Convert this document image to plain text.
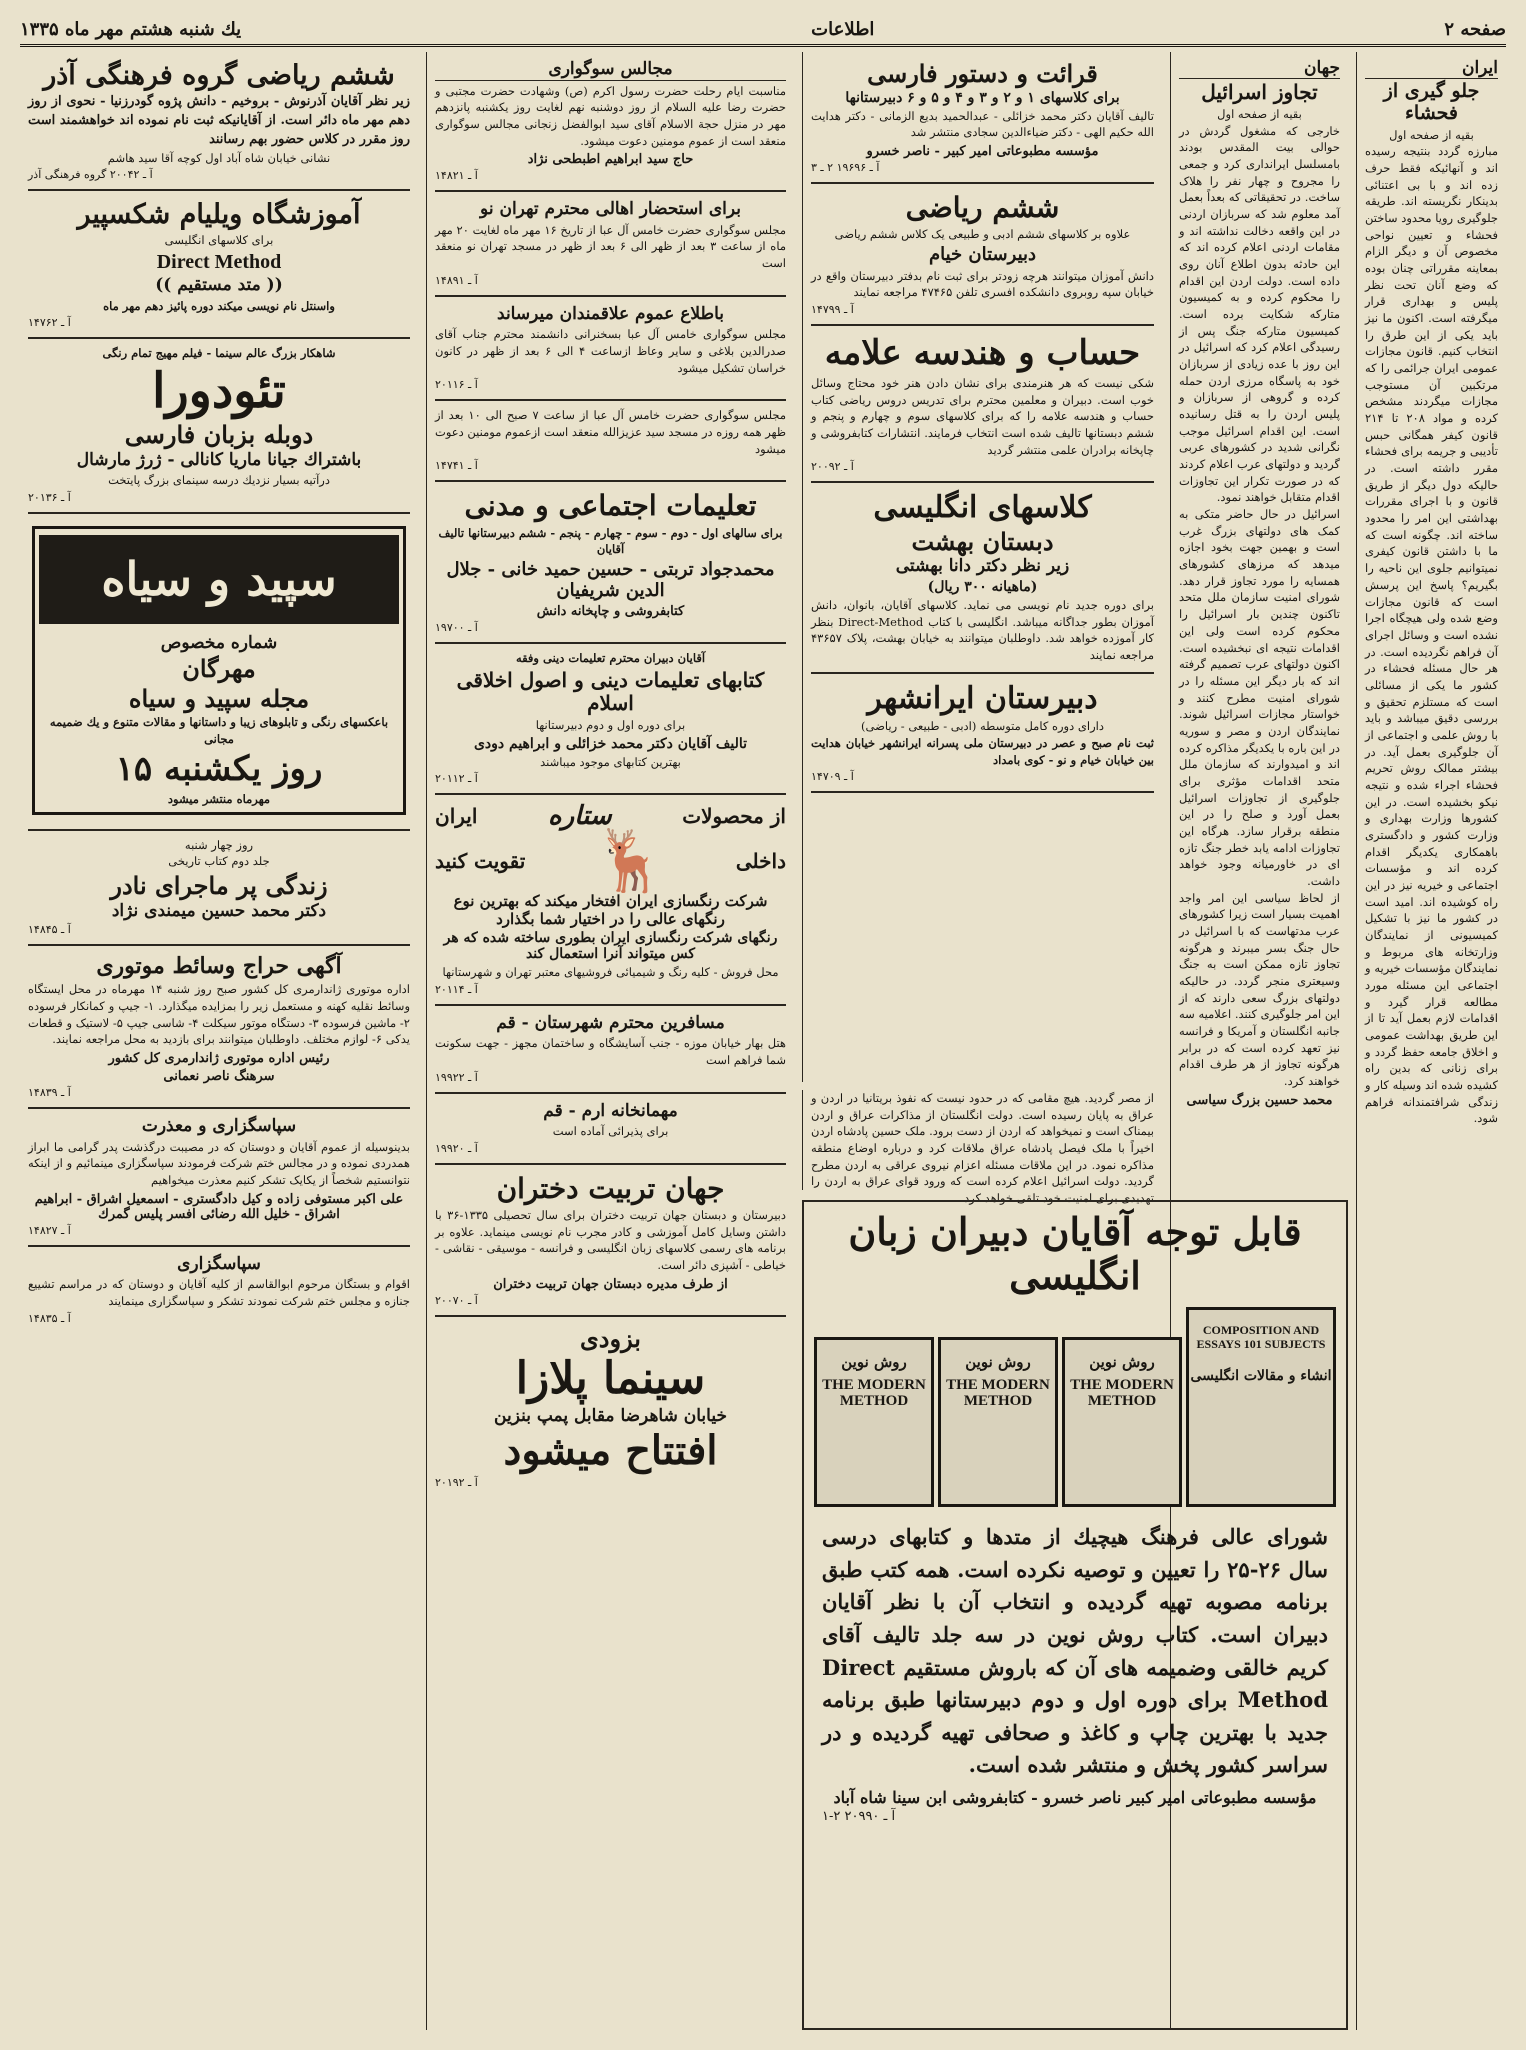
صفحه ۲
اطلاعات
یك شنبه هشتم مهر ماه ۱۳۳۵
ایران
جلو گیری از فحشاء
بقیه از صفحه اول

مبارزه گردد بنتیجه رسیده اند و آنهائیکه فقط حرف زده اند و با بی اعتنائی بدینکار نگریسته اند. طریقه جلوگیری رویا محدود ساختن فحشاء و تعیین نواحی مخصوص آن و دیگر الزام بمعاینه مقرراتی چنان بوده که وضع آنان تحت نظر پلیس و بهداری قرار میگرفته است. اکنون ما نیز باید یکی از این طرق را انتخاب کنیم. قانون مجازات عمومی ایران جرائمی را که مرتکبین آن مستوجب مجازات میگردند مشخص کرده و مواد ۲۰۸ تا ۲۱۴ قانون کیفر همگانی حبس تأدیبی و جریمه برای فحشاء مقرر داشته است. در حالیکه دول دیگر از طریق قانون و با اجرای مقررات بهداشتی این امر را محدود ساخته اند. چگونه است که ما با داشتن قانون کیفری نمیتوانیم جلوی این ناحیه را بگیریم؟ پاسخ این پرسش است که قانون مجازات وضع شده ولی هیچگاه اجرا نشده است و وسائل اجرای آن فراهم نگردیده است. در هر حال مسئله فحشاء در کشور ما یکی از مسائلی است که مستلزم تحقیق و بررسی دقیق میباشد و باید با روش علمی و اجتماعی از آن جلوگیری بعمل آید. در بیشتر ممالک روش تحریم فحشاء اجراء شده و نتیجه نیکو بخشیده است. در این کشورها وزارت بهداری و وزارت کشور و دادگستری باهمکاری یکدیگر اقدام کرده اند و مؤسسات اجتماعی و خیریه نیز در این راه کوشیده اند. امید است در کشور ما نیز با تشکیل کمیسیونی از نمایندگان وزارتخانه های مربوط و نمایندگان مؤسسات خیریه و اجتماعی این مسئله مورد مطالعه قرار گیرد و اقدامات لازم بعمل آید تا از این طریق بهداشت عمومی و اخلاق جامعه حفظ گردد و برای زنانی که بدین راه کشیده شده اند وسیله کار و زندگی شرافتمندانه فراهم شود.

جهان
تجاوز اسرائیل
بقیه از صفحه اول

خارجی که مشغول گردش در حوالی بیت المقدس بودند بامسلسل ایرانداری کرد و جمعی را مجروح و چهار نفر را هلاک ساخت. در تحقیقاتی که بعداً بعمل آمد معلوم شد که سربازان اردنی در این واقعه دخالت نداشته اند و مقامات اردنی اعلام کرده اند که این حادثه بدون اطلاع آنان روی داده است. دولت اردن این اقدام را محکوم کرده و به کمیسیون متارکه شکایت برده است. کمیسیون متارکه جنگ پس از رسیدگی اعلام کرد که اسرائیل در این روز با عده زیادی از سربازان خود به پاسگاه مرزی اردن حمله کرده و گروهی از سربازان و پلیس اردن را به قتل رسانیده است. این اقدام اسرائیل موجب نگرانی شدید در کشورهای عربی گردید و دولتهای عرب اعلام کردند که در صورت تکرار این تجاوزات اقدام متقابل خواهند نمود.

اسرائیل در حال حاضر متکی به کمک های دولتهای بزرگ غرب است و بهمین جهت بخود اجازه میدهد که مرزهای کشورهای همسایه را مورد تجاوز قرار دهد. شورای امنیت سازمان ملل متحد تاکنون چندین بار اسرائیل را محکوم کرده است ولی این اقدامات نتیجه ای نبخشیده است. اکنون دولتهای عرب تصمیم گرفته اند که بار دیگر این مسئله را در شورای امنیت مطرح کنند و خواستار مجازات اسرائیل شوند. نمایندگان اردن و مصر و سوریه در این باره با یکدیگر مذاکره کرده اند و امیدوارند که سازمان ملل متحد اقدامات مؤثری برای جلوگیری از تجاوزات اسرائیل بعمل آورد و صلح را در این منطقه برقرار سازد. هرگاه این تجاوزات ادامه یابد خطر جنگ تازه ای در خاورمیانه وجود خواهد داشت.

از لحاظ سیاسی این امر واجد اهمیت بسیار است زیرا کشورهای عرب مدتهاست که با اسرائیل در حال جنگ بسر میبرند و هرگونه تجاوز تازه ممکن است به جنگ وسیعتری منجر گردد. در حالیکه دولتهای بزرگ سعی دارند که از این امر جلوگیری کنند. اعلامیه سه جانبه انگلستان و آمریکا و فرانسه نیز تعهد کرده است که در برابر هرگونه تجاوز از هر طرف اقدام خواهند کرد.

محمد حسین بزرگ سیاسی
قرائت و دستور فارسی
برای کلاسهای ۱ و ۲ و ۳ و ۴ و ۵ و ۶ دبیرستانها

تالیف آقایان دکتر محمد خزائلی - عبدالحمید بدیع الزمانی - دکتر هدایت الله حکیم الهی - دکتر ضیاءالدین سجادی منتشر شد

مؤسسه مطبوعاتی امیر کبیر - ناصر خسرو
آ ـ ۱۹۶۹۶ ۲ ـ ۳
ششم ریاضی
علاوه بر کلاسهای ششم ادبی و طبیعی یک کلاس ششم ریاضی
دبیرستان خیام

دانش آموزان میتوانند هرچه زودتر برای ثبت نام بدفتر دبیرستان واقع در خیابان سپه روبروی دانشکده افسری تلفن ۴۷۴۶۵ مراجعه نمایند

آ ـ ۱۴۷۹۹
حساب و هندسه علامه

شکی نیست که هر هنرمندی برای نشان دادن هنر خود محتاج وسائل خوب است. دبیران و معلمین محترم برای تدریس دروس ریاضی کتاب حساب و هندسه علامه را که برای کلاسهای سوم و چهارم و پنجم و ششم دبستانها تالیف شده است انتخاب فرمایند. انتشارات کتابفروشی و چاپخانه برادران علمی منتشر گردید

آ ـ ۲۰۰۹۲
کلاسهای انگلیسی
دبستان بهشت
زیر نظر دکتر دانا بهشتی
(ماهیانه ۳۰۰ ریال)

برای دوره جدید نام نویسی می نماید. کلاسهای آقایان، بانوان، دانش آموزان بطور جداگانه میباشد. انگلیسی با کتاب Direct-Method بنظر کار آموزده خواهد شد. داوطلبان میتوانند به خیابان بهشت، پلاک ۴۳۶۵۷ مراجعه نمایند

دبیرستان ایرانشهر
دارای دوره کامل متوسطه (ادبی - طبیعی - ریاضی)

ثبت نام صبح و عصر در دبیرستان ملی پسرانه ایرانشهر خیابان هدایت بین خیابان خیام و نو - کوی بامداد

آ ـ ۱۴۷۰۹

از مصر گردید. هیچ مقامی که در حدود نیست که نفوذ بریتانیا در اردن و عراق به پایان رسیده است. دولت انگلستان از مذاکرات عراق و اردن بیمناک است و نمیخواهد که اردن از دست برود. ملک حسین پادشاه اردن اخیراً با ملک فیصل پادشاه عراق ملاقات کرد و درباره اوضاع منطقه مذاکره نمود. در این ملاقات مسئله اعزام نیروی عراقی به اردن مطرح گردید. دولت اسرائیل اعلام کرده است که ورود قوای عراق به اردن را تهدیدی برای امنیت خود تلقی خواهد کرد.

قابل توجه آقایان دبیران زبان انگلیسی
COMPOSITION AND ESSAYS 101 SUBJECTS
انشاء و مقالات انگلیسی
روش نوین
THE MODERN METHOD
روش نوین
THE MODERN METHOD
روش نوین
THE MODERN METHOD

شورای عالی فرهنگ هیچیك از متدها و کتابهای درسی سال ۲۶-۲۵ را تعیین و توصیه نکرده است. همه کتب طبق برنامه مصوبه تهیه گردیده و انتخاب آن با نظر آقایان دبیران است. کتاب روش نوین در سه جلد تالیف آقای کریم خالقی وضمیمه های آن که باروش مستقیم Direct Method برای دوره اول و دوم دبیرستانها طبق برنامه جدید با بهترین چاپ و کاغذ و صحافی تهیه گردیده و در سراسر کشور پخش و منتشر شده است.

مؤسسه مطبوعاتی امیر کبیر ناصر خسرو - کتابفروشی ابن سینا شاه آباد
۱-۲ آ ـ ۲۰۹۹۰
مجالس سوگواری

مناسبت ایام رحلت حضرت رسول اکرم (ص) وشهادت حضرت مجتبی و حضرت رضا علیه السلام از روز دوشنبه نهم لغایت روز یکشنبه پانزدهم مهر در منزل حجة الاسلام آقای سید ابوالفضل زنجانی مجالس سوگواری منعقد است از عموم مومنین دعوت میشود.

حاج سید ابراهیم اطبطحی نژاد
آ ـ ۱۴۸۲۱
برای استحضار اهالی محترم تهران نو

مجلس سوگواری حضرت خامس آل عبا از تاریخ ۱۶ مهر ماه لغایت ۲۰ مهر ماه از ساعت ۳ بعد از ظهر الی ۶ بعد از ظهر در مسجد تهران نو منعقد است

آ ـ ۱۴۸۹۱
باطلاع عموم علاقمندان میرساند

مجلس سوگواری خامس آل عبا بسخنرانی دانشمند محترم جناب آقای صدرالدین بلاغی و سایر وعاظ ازساعت ۴ الی ۶ بعد از ظهر در کانون خراسان تشکیل میشود

آ ـ ۲۰۱۱۶

مجلس سوگواری حضرت خامس آل عبا از ساعت ۷ صبح الی ۱۰ بعد از ظهر همه روزه در مسجد سید عزیزالله منعقد است ازعموم مومنین دعوت میشود

آ ـ ۱۴۷۴۱
تعلیمات اجتماعی و مدنی
برای سالهای اول - دوم - سوم - چهارم - پنجم - ششم دبیرستانها تالیف آقایان
محمدجواد تربتی - حسین حمید خانی - جلال الدین شریفیان
کتابفروشی و چاپخانه دانش
آ ـ ۱۹۷۰۰
آقایان دبیران محترم تعلیمات دینی وفقه
کتابهای تعلیمات دینی و اصول اخلاقی اسلام
برای دوره اول و دوم دبیرستانها
تالیف آقایان دکتر محمد خزائلی و ابراهیم دودی
بهترین کتابهای موجود میباشند
آ ـ ۲۰۱۱۲
از محصولات
ستاره
ایران
داخلی
🦌
تقویت کنید
شرکت رنگسازی ایران افتخار میکند که بهترین نوع رنگهای عالی را در اختیار شما بگذارد
رنگهای شرکت رنگسازی ایران بطوری ساخته شده که هر کس میتواند آنرا استعمال کند
محل فروش - کلیه رنگ و شیمیائی فروشیهای معتبر تهران و شهرستانها
آ ـ ۲۰۱۱۴
مسافرین محترم شهرستان - قم

هتل بهار خیابان موزه - جنب آسایشگاه و ساختمان مجهز - جهت سکونت شما فراهم است

آ ـ ۱۹۹۲۲
مهمانخانه ارم - قم
برای پذیرائی آماده است
آ ـ ۱۹۹۲۰
جهان تربیت دختران

دبیرستان و دبستان جهان تربیت دختران برای سال تحصیلی ۱۳۳۵-۳۶ با داشتن وسایل کامل آموزشی و کادر مجرب نام نویسی مینماید. علاوه بر برنامه های رسمی کلاسهای زبان انگلیسی و فرانسه - موسیقی - نقاشی - خیاطی - آشپزی دائر است.

از طرف مدیره دبستان جهان تربیت دختران
آ ـ ۲۰۰۷۰
بزودی
سینما پلازا
خیابان شاهرضا مقابل پمپ بنزین
افتتاح میشود
آ ـ ۲۰۱۹۲
ششم ریاضی گروه فرهنگی آذر

زیر نظر آقایان آذرنوش - بروخیم - دانش پژوه گودرزنیا - نحوی از روز دهم مهر ماه دائر است. از آقایانیکه ثبت نام نموده اند خواهشمند است روز مقرر در کلاس حضور بهم رسانند

نشانی خیابان شاه آباد اول کوچه آقا سید هاشم
آ ـ ۲۰۰۴۲ گروه فرهنگی آذر
آموزشگاه ویلیام شکسپیر
برای کلاسهای انگلیسی
Direct Method
(( متد مستقیم ))
واسنتل نام نویسی میکند دوره پائیز دهم مهر ماه
آ ـ ۱۴۷۶۲
شاهکار بزرگ عالم سینما - فیلم مهیج تمام رنگی
تئودورا
دوبله بزبان فارسی
باشتراك جیانا ماریا کانالی - ژرژ مارشال
درآتیه بسیار نزدیك درسه سینمای بزرگ پایتخت
آ ـ ۲۰۱۳۶
سپید و سیاه
شماره مخصوص
مهرگان
مجله سپید و سیاه
باعکسهای رنگی و تابلوهای زیبا و داستانها و مقالات متنوع و یك ضمیمه مجانی
روز یکشنبه ۱۵
مهرماه منتشر میشود
روز چهار شنبه
جلد دوم کتاب تاریخی
زندگی پر ماجرای نادر
دکتر محمد حسین میمندی نژاد
آ ـ ۱۴۸۴۵
آگهی حراج وسائط موتوری

اداره موتوری ژاندارمری کل کشور صبح روز شنبه ۱۴ مهرماه در محل ایستگاه وسائط نقلیه کهنه و مستعمل زیر را بمزایده میگذارد. ۱- جیپ و کمانکار فرسوده ۲- ماشین فرسوده ۳- دستگاه موتور سیکلت ۴- شاسی جیپ ۵- لاستیک و قطعات یدکی ۶- لوازم مختلف. داوطلبان میتوانند برای بازدید به محل مراجعه نمایند.

رئیس اداره موتوری ژاندارمری کل کشور
سرهنگ ناصر نعمانی
آ ـ ۱۴۸۳۹
سپاسگزاری و معذرت

بدینوسیله از عموم آقایان و دوستان که در مصیبت درگذشت پدر گرامی ما ابراز همدردی نموده و در مجالس ختم شرکت فرمودند سپاسگزاری مینمائیم و از اینکه نتوانستیم شخصاً از یکایک تشکر کنیم معذرت میخواهیم

علی اکبر مستوفی زاده و کیل دادگستری - اسمعیل اشراق - ابراهیم اشراق - خلیل الله رضائی افسر پلیس گمرك
آ ـ ۱۴۸۲۷
سپاسگزاری

اقوام و بستگان مرحوم ابوالقاسم از کلیه آقایان و دوستان که در مراسم تشییع جنازه و مجلس ختم شرکت نمودند تشکر و سپاسگزاری مینمایند

آ ـ ۱۴۸۳۵
